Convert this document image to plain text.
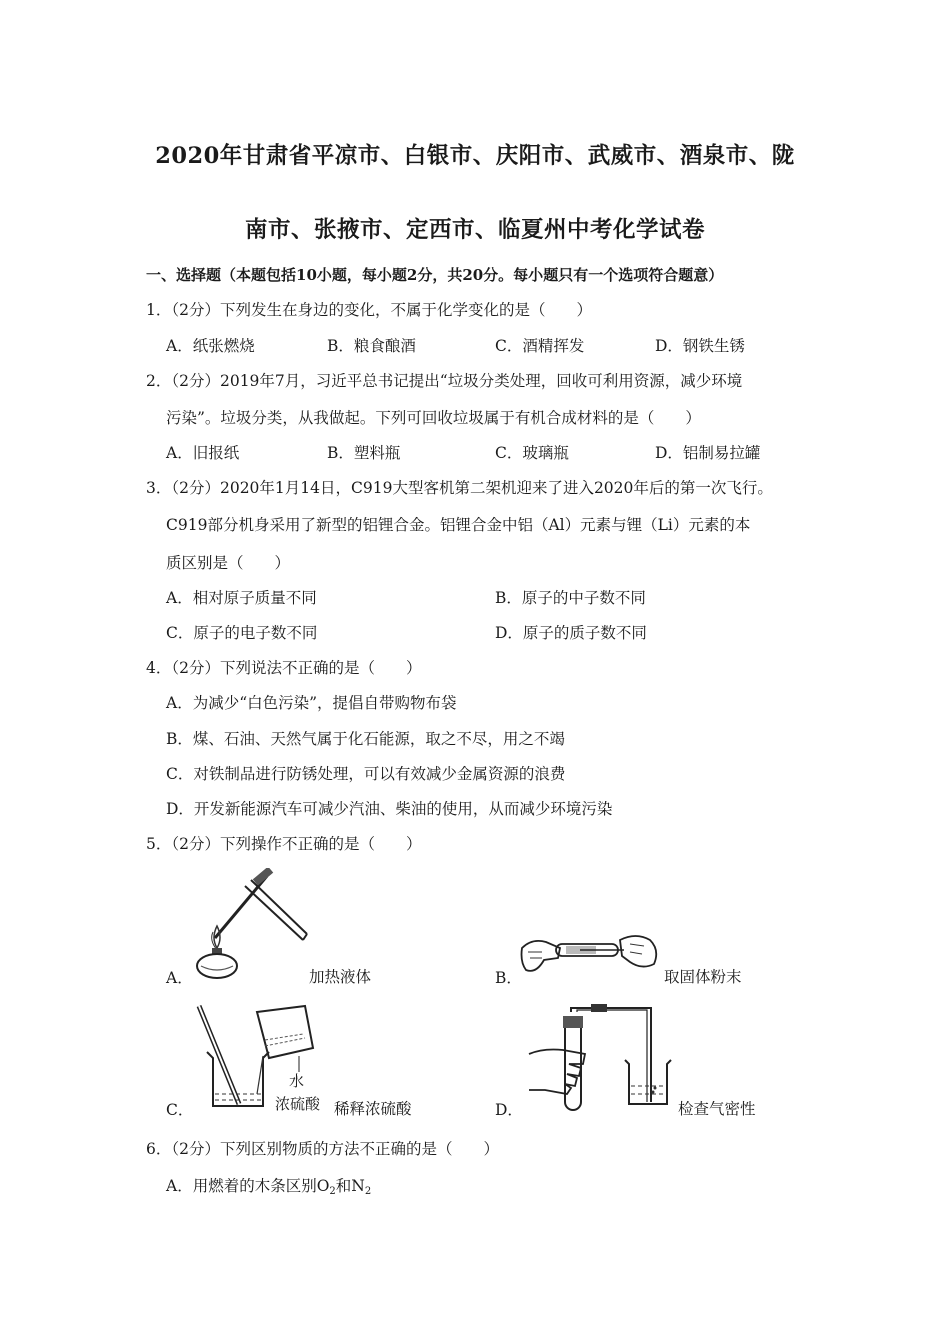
2020年甘肃省平凉市、白银市、庆阳市、武威市、酒泉市、陇
南市、张掖市、定西市、临夏州中考化学试卷
一、选择题（本题包括10小题，每小题2分，共20分。每小题只有一个选项符合题意）
1．（2分）下列发生在身边的变化，不属于化学变化的是（　　）
A．纸张燃烧	B．粮食酿酒	C．酒精挥发	D．钢铁生锈
2．（2分）2019年7月，习近平总书记提出“垃圾分类处理，回收可利用资源，减少环境
污染”。垃圾分类，从我做起。下列可回收垃圾属于有机合成材料的是（　　）
A．旧报纸	B．塑料瓶	C．玻璃瓶	D．铝制易拉罐
3．（2分）2020年1月14日，C919大型客机第二架机迎来了进入2020年后的第一次飞行。
C919部分机身采用了新型的铝锂合金。铝锂合金中铝（Al）元素与锂（Li）元素的本
质区别是（　　）
A．相对原子质量不同	B．原子的中子数不同
C．原子的电子数不同	D．原子的质子数不同
4．（2分）下列说法不正确的是（　　）
A．为减少“白色污染”，提倡自带购物布袋
B．煤、石油、天然气属于化石能源，取之不尽，用之不竭
C．对铁制品进行防锈处理，可以有效减少金属资源的浪费
D．开发新能源汽车可减少汽油、柴油的使用，从而减少环境污染
5．（2分）下列操作不正确的是（　　）
A．	加热液体	B．	取固体粉末
水
浓硫酸
C．	稀释浓硫酸	D．	检查气密性
6．（2分）下列区别物质的方法不正确的是（　　）
A．用燃着的木条区别$O_2$和$N_2$
